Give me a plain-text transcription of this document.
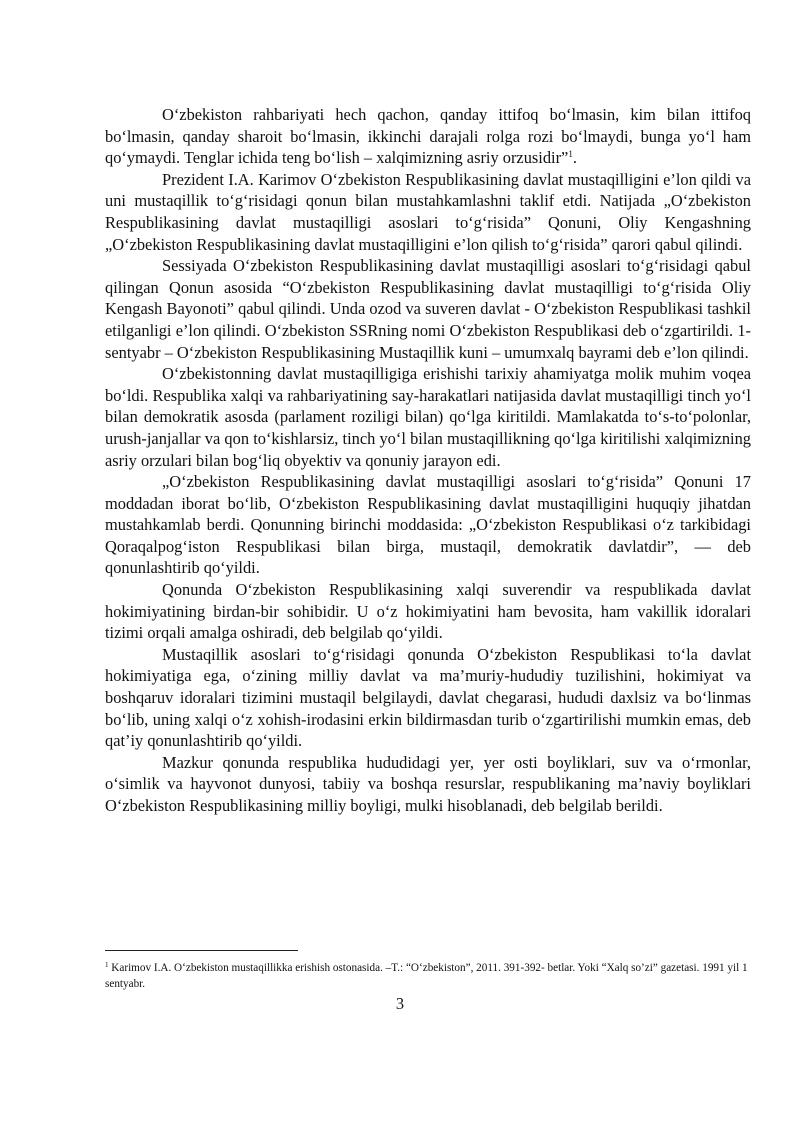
O‘zbekiston rahbariyati hech qachon, qanday ittifoq bo‘lmasin, kim bilan ittifoq bo‘lmasin, qanday sharoit bo‘lmasin, ikkinchi darajali rolga rozi bo‘lmaydi, bunga yo‘l ham qo‘ymaydi. Tenglar ichida teng bo‘lish – xalqimizning asriy orzusidir”$^1$.

Prezident I.A. Karimov O‘zbekiston Respublikasining davlat mustaqilligini e’lon qildi va uni mustaqillik to‘g‘risidagi qonun bilan mustahkamlashni taklif etdi. Natijada „O‘zbekiston Respublikasining davlat mustaqilligi asoslari to‘g‘risida” Qonuni, Oliy Kengashning „O‘zbekiston Respublikasining davlat mustaqilligini e’lon qilish to‘g‘risida” qarori qabul qilindi.

Sessiyada O‘zbekiston Respublikasining davlat mustaqilligi asoslari to‘g‘risidagi qabul qilingan Qonun asosida “O‘zbekiston Respublikasining davlat mustaqilligi to‘g‘risida Oliy Kengash Bayonoti” qabul qilindi. Unda ozod va suveren davlat - O‘zbekiston Respublikasi tashkil etilganligi e’lon qilindi. O‘zbekiston SSRning nomi O‘zbekiston Respublikasi deb o‘zgartirildi. 1-sentyabr – O‘zbekiston Respublikasining Mustaqillik kuni – umumxalq bayrami deb e’lon qilindi.

O‘zbekistonning davlat mustaqilligiga erishishi tarixiy ahamiyatga molik muhim voqea bo‘ldi. Respublika xalqi va rahbariyatining say-harakatlari natijasida davlat mustaqilligi tinch yo‘l bilan demokratik asosda (parlament roziligi bilan) qo‘lga kiritildi. Mamlakatda to‘s-to‘polonlar, urush-janjallar va qon to‘kishlarsiz, tinch yo‘l bilan mustaqillikning qo‘lga kiritilishi xalqimizning asriy orzulari bilan bog‘liq obyektiv va qonuniy jarayon edi.

„O‘zbekiston Respublikasining davlat mustaqilligi asoslari to‘g‘risida” Qonuni 17 moddadan iborat bo‘lib, O‘zbekiston Respublikasining davlat mustaqilligini huquqiy jihatdan mustahkamlab berdi. Qonunning birinchi moddasida: „O‘zbekiston Respublikasi o‘z tarkibidagi Qoraqalpog‘iston Respublikasi bilan birga, mustaqil, demokratik davlatdir”, — deb qonunlashtirib qo‘yildi.

Qonunda O‘zbekiston Respublikasining xalqi suverendir va respublikada davlat hokimiyatining birdan-bir sohibidir. U o‘z hokimiyatini ham bevosita, ham vakillik idoralari tizimi orqali amalga oshiradi, deb belgilab qo‘yildi.

Mustaqillik asoslari to‘g‘risidagi qonunda O‘zbekiston Respublikasi to‘la davlat hokimiyatiga ega, o‘zining milliy davlat va ma’muriy-hududiy tuzilishini, hokimiyat va boshqaruv idoralari tizimini mustaqil belgilaydi, davlat chegarasi, hududi daxlsiz va bo‘linmas bo‘lib, uning xalqi o‘z xohish-irodasini erkin bildirmasdan turib o‘zgartirilishi mumkin emas, deb qat’iy qonunlashtirib qo‘yildi.

Mazkur qonunda respublika hududidagi yer, yer osti boyliklari, suv va o‘rmonlar, o‘simlik va hayvonot dunyosi, tabiiy va boshqa resurslar, respublikaning ma’naviy boyliklari O‘zbekiston Respublikasining milliy boyligi, mulki hisoblanadi, deb belgilab berildi.

$^1$ Karimov I.A. O‘zbekiston mustaqillikka erishish ostonasida. –T.: “O‘zbekiston”, 2011. 391-392- betlar. Yoki “Xalq so’zi” gazetasi. 1991 yil 1 sentyabr.

3
